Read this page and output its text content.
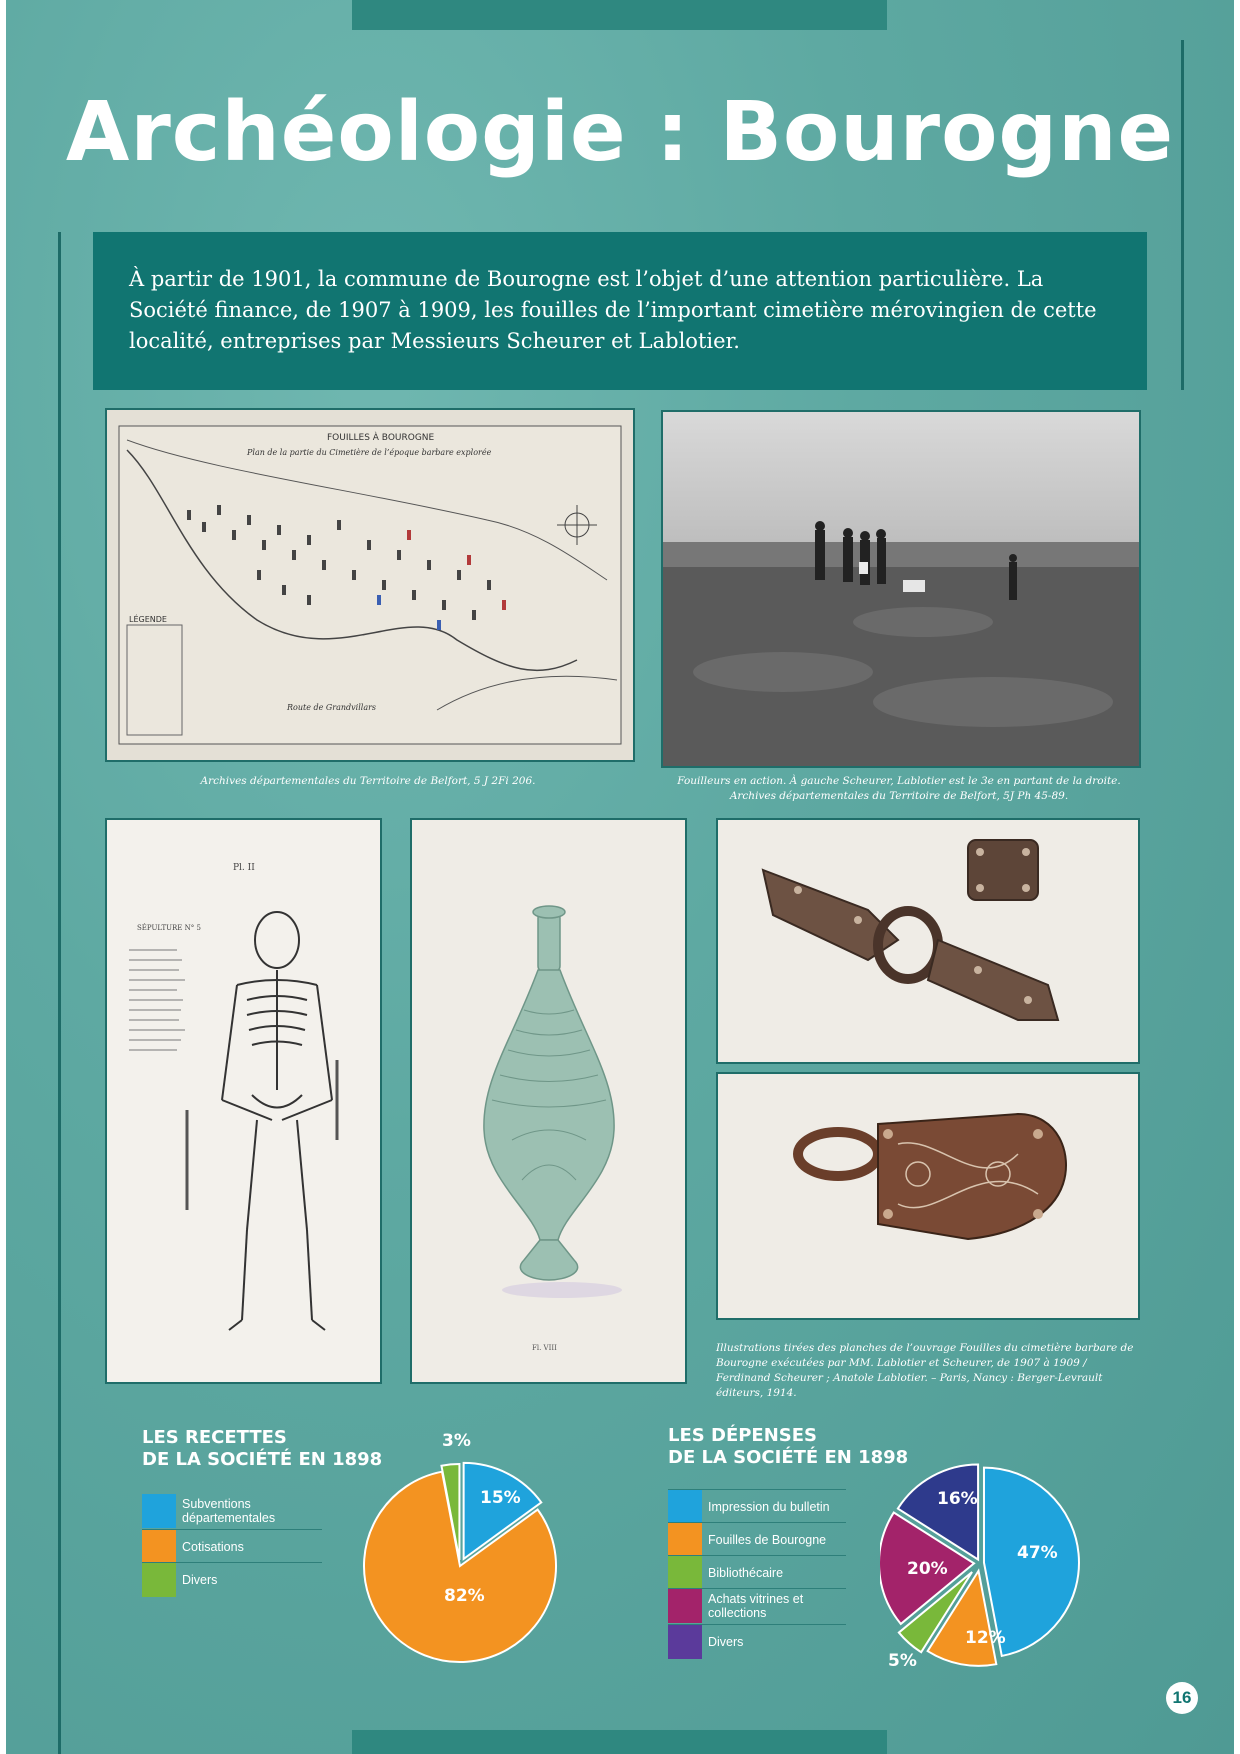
Archéologie : Bourogne
À partir de 1901, la commune de Bourogne est l’objet d’une attention particulière. La Société finance, de 1907 à 1909, les fouilles de l’important cimetière mérovingien de cette localité, entreprises par Messieurs Scheurer et Lablotier.
LÉGENDE
FOUILLES À BOUROGNE
Plan de la partie du Cimetière de l’époque barbare explorée
Route de Grandvillars
Archives départementales du Territoire de Belfort, 5 J 2Fi 206.	Fouilleurs en action. À gauche Scheurer, Lablotier est le 3e en partant de la droite.
Archives départementales du Territoire de Belfort, 5J Ph 45-89.
Pl. II
SÉPULTURE N° 5
Fl. VIII	Illustrations tirées des planches de l’ouvrage Fouilles du cimetière barbare de Bourogne exécutées par MM. Lablotier et Scheurer, de 1907 à 1909 / Ferdinand Scheurer ; Anatole Lablotier. – Paris, Nancy : Berger-Levrault éditeurs, 1914.
LES RECETTES
DE LA SOCIÉTÉ EN 1898
Subventions départementales
Cotisations
Divers
15%
82%
3%	LES DÉPENSES
DE LA SOCIÉTÉ EN 1898
Impression du bulletin
Fouilles de Bourogne
Bibliothécaire
Achats vitrines et collections
Divers
47%
12%
5%
20%
16%
16
